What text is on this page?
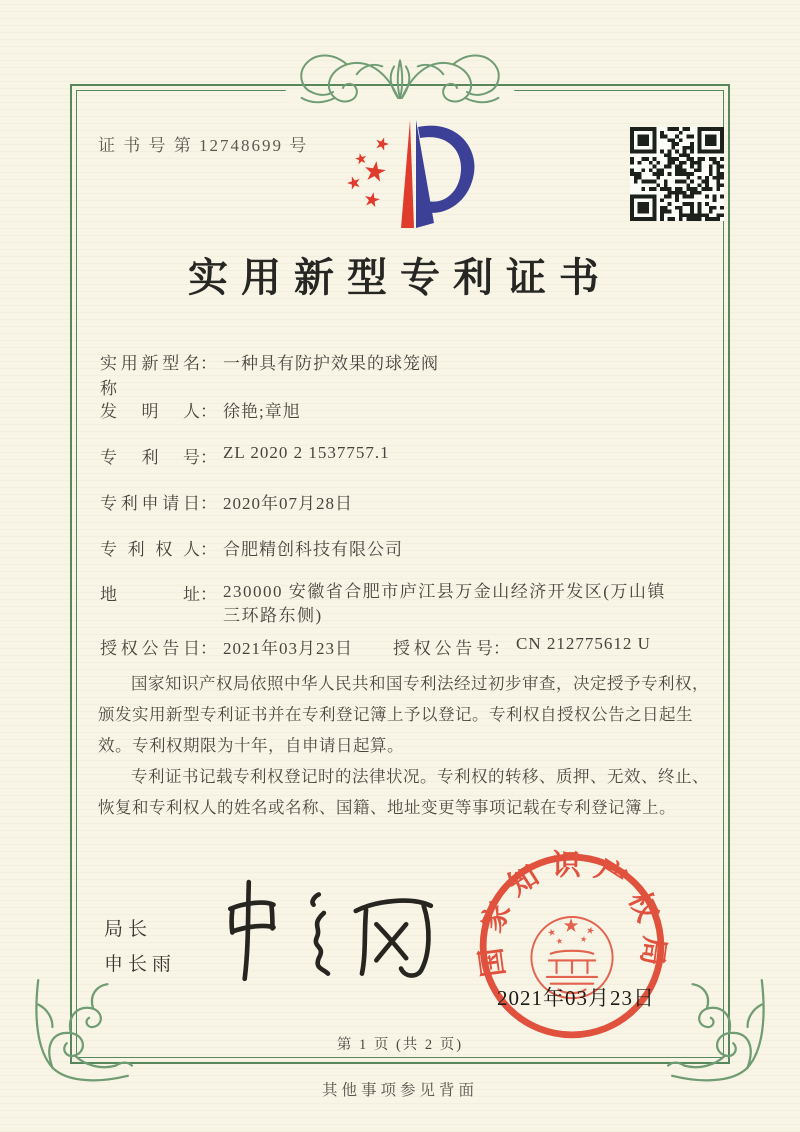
证 书 号 第 12748699 号
实用新型专利证书
实用新型名称
： 一种具有防护效果的球笼阀
发明人 ： 徐艳;章旭
专利号 ： ZL 2020 2 1537757.1
专利申请日 ： 2020年07月28日
专利权人 ： 合肥精创科技有限公司
地址 ： 230000 安徽省合肥市庐江县万金山经济开发区(万山镇三环路东侧)
授权公告日 ： 2021年03月23日 授权公告号 ： CN 212775612 U

国家知识产权局依照中华人民共和国专利法经过初步审查，决定授予专利权，颁发实用新型专利证书并在专利登记簿上予以登记。专利权自授权公告之日起生效。专利权期限为十年，自申请日起算。

专利证书记载专利权登记时的法律状况。专利权的转移、质押、无效、终止、恢复和专利权人的姓名或名称、国籍、地址变更等事项记载在专利登记簿上。

局长
申长雨	国家知识产权局
2021年03月23日
第 1 页 (共 2 页)
其他事项参见背面
